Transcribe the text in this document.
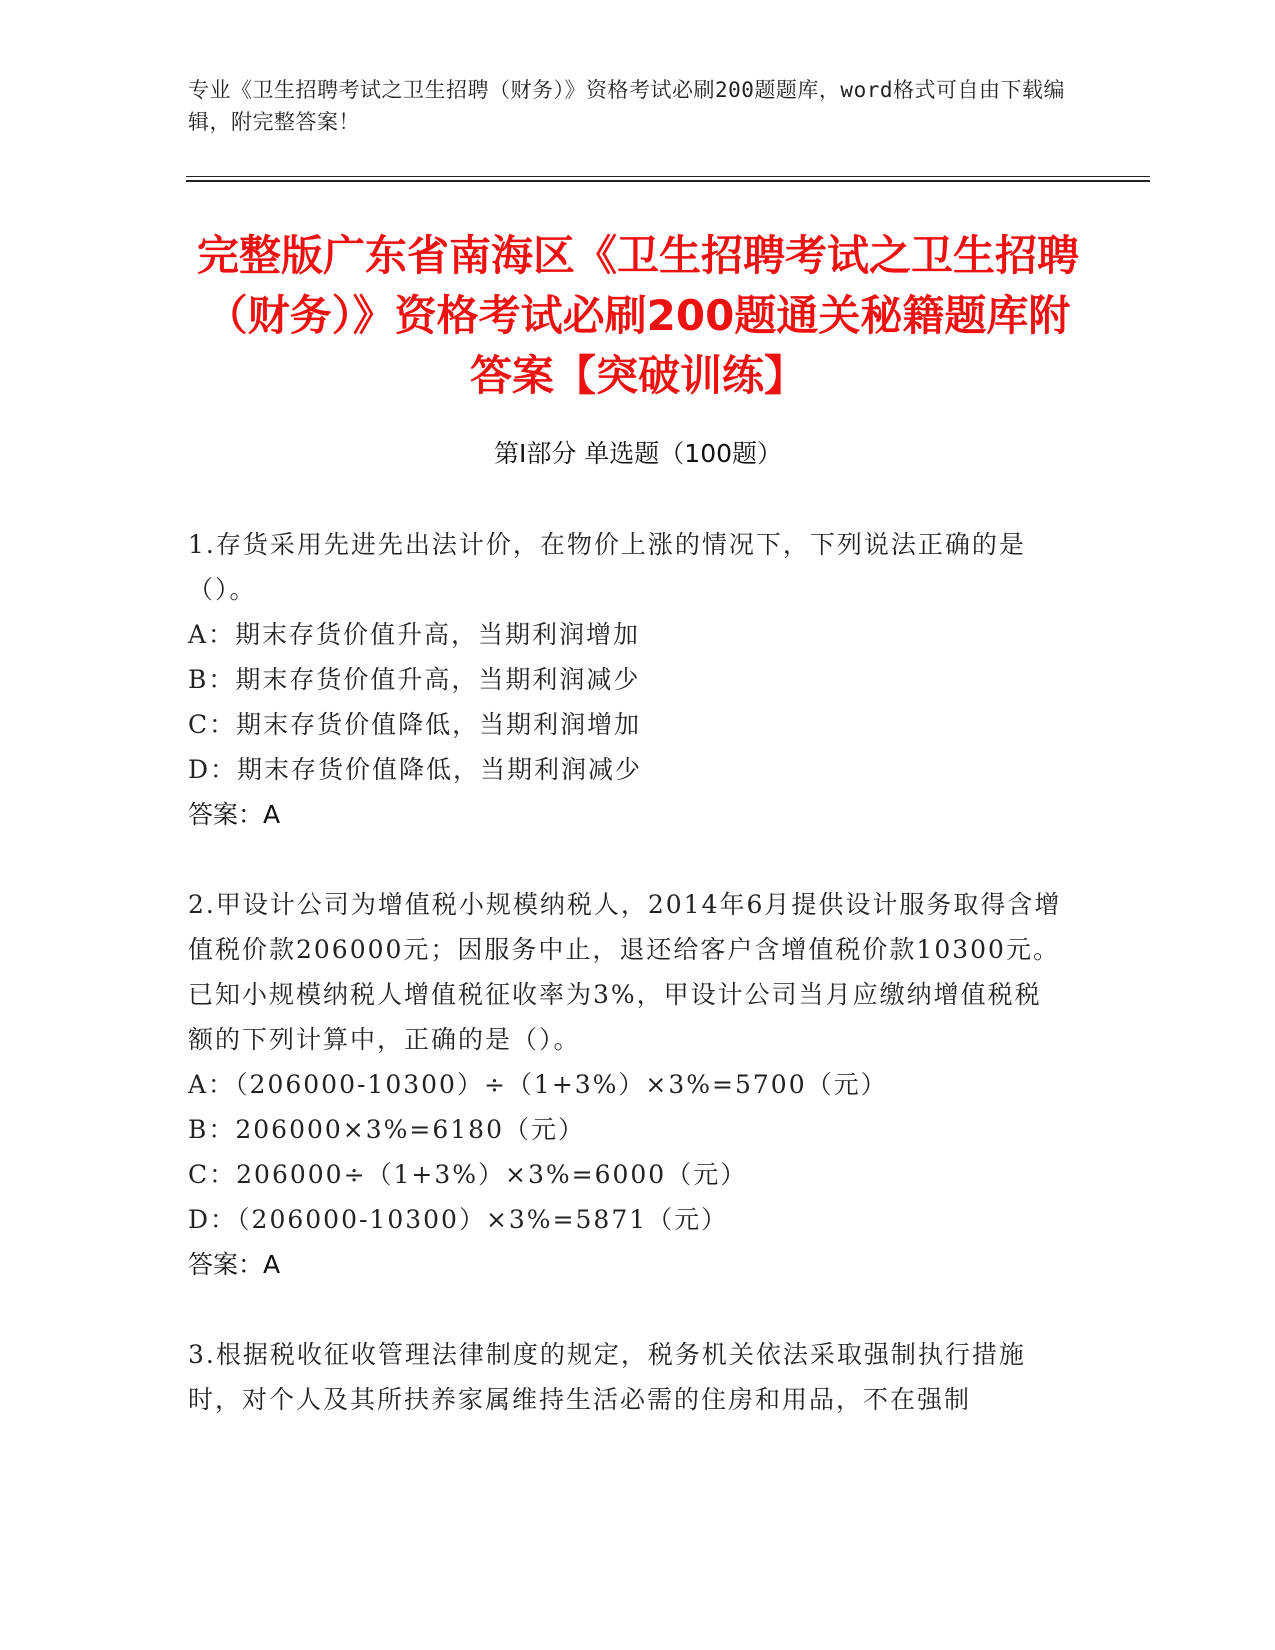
专业《卫生招聘考试之卫生招聘（财务）》资格考试必刷200题题库，word格式可自由下载编辑，附完整答案！
完整版广东省南海区《卫生招聘考试之卫生招聘（财务）》资格考试必刷200题通关秘籍题库附答案【突破训练】
第Ⅰ部分 单选题（100题）
1.存货采用先进先出法计价，在物价上涨的情况下，下列说法正确的是（）。
A：期末存货价值升高，当期利润增加
B：期末存货价值升高，当期利润减少
C：期末存货价值降低，当期利润增加
D：期末存货价值降低，当期利润减少
答案：A
2.甲设计公司为增值税小规模纳税人，2014年6月提供设计服务取得含增值税价款206000元；因服务中止，退还给客户含增值税价款10300元。已知小规模纳税人增值税征收率为3%，甲设计公司当月应缴纳增值税税额的下列计算中，正确的是（）。
A：（206000-10300）÷（1+3%）×3%=5700（元）
B：206000×3%=6180（元）
C：206000÷（1+3%）×3%=6000（元）
D：（206000-10300）×3%=5871（元）
答案：A
3.根据税收征收管理法律制度的规定，税务机关依法采取强制执行措施时，对个人及其所扶养家属维持生活必需的住房和用品，不在强制
